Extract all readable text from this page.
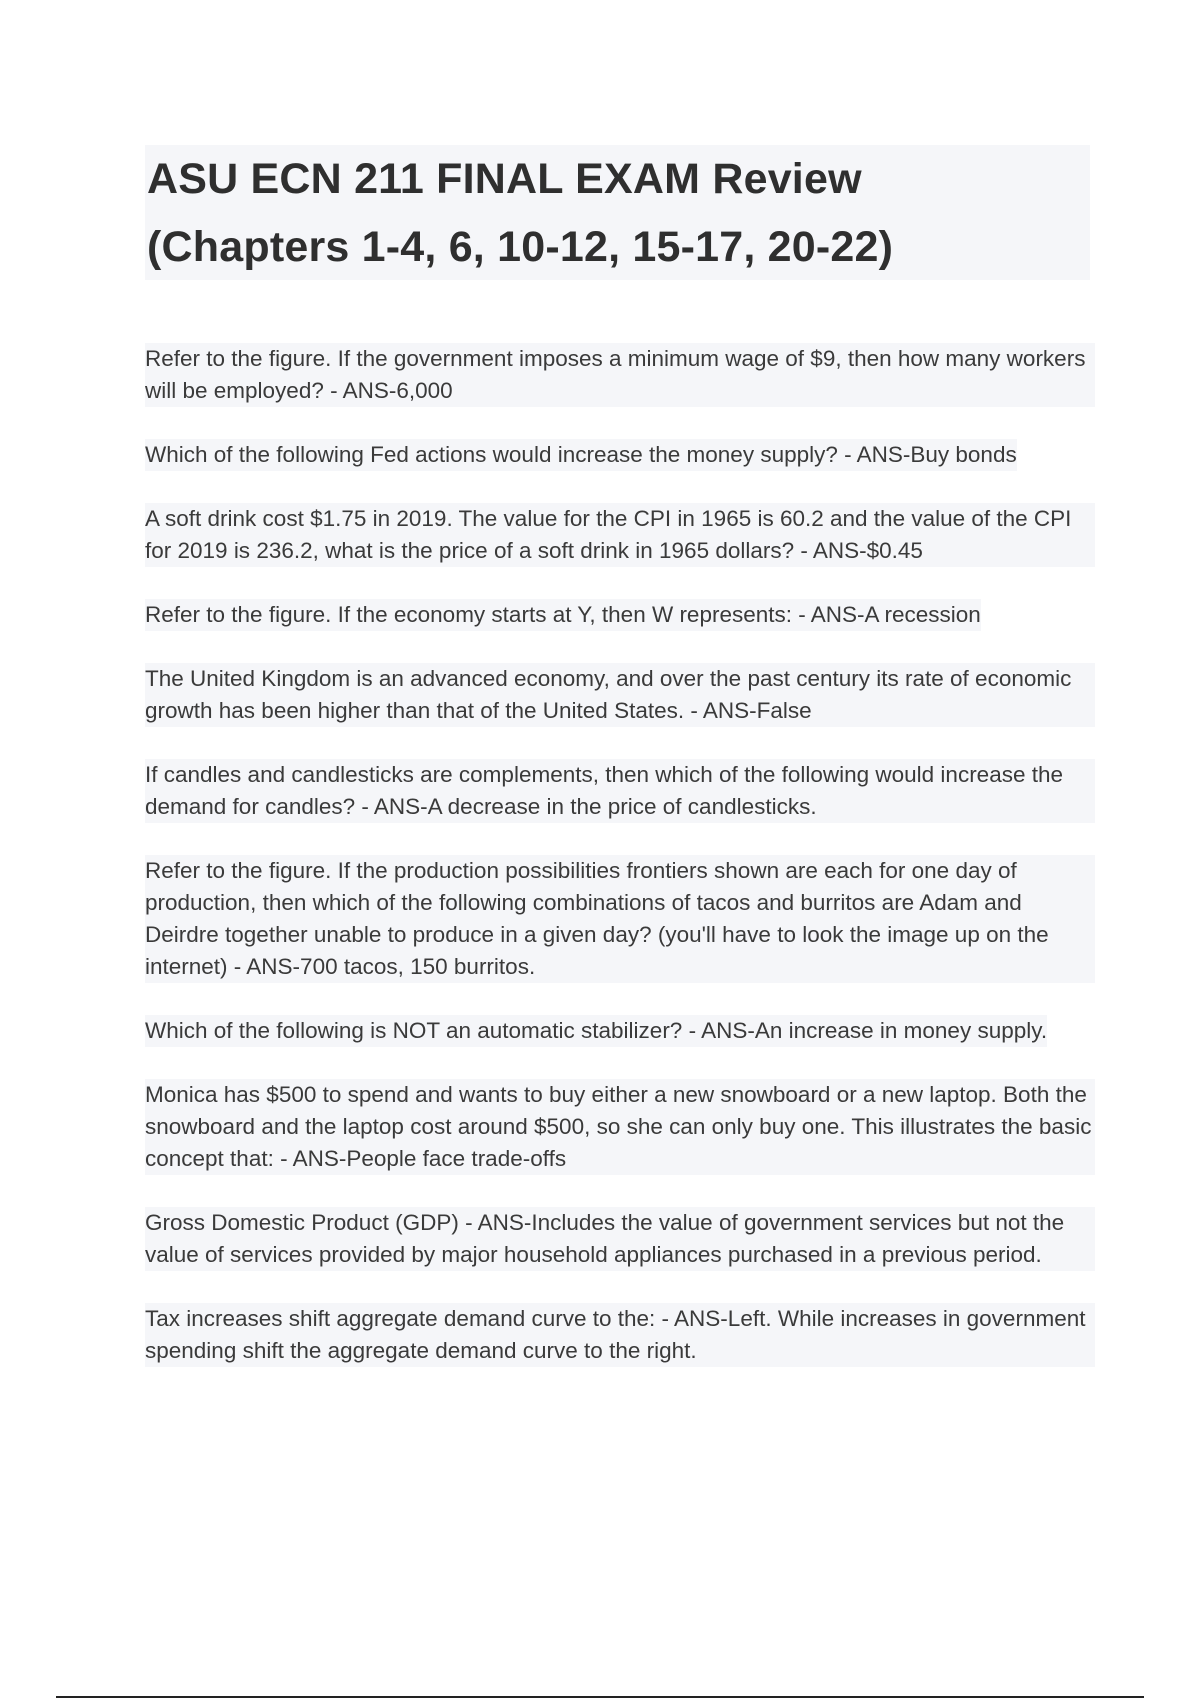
ASU ECN 211 FINAL EXAM Review
(Chapters 1-4, 6, 10-12, 15-17, 20-22)
Refer to the figure. If the government imposes a minimum wage of $9, then how many workers will be employed? - ANS-6,000
Which of the following Fed actions would increase the money supply? - ANS-Buy bonds
A soft drink cost $1.75 in 2019. The value for the CPI in 1965 is 60.2 and the value of the CPI for 2019 is 236.2, what is the price of a soft drink in 1965 dollars? - ANS-$0.45
Refer to the figure. If the economy starts at Y, then W represents: - ANS-A recession
The United Kingdom is an advanced economy, and over the past century its rate of economic growth has been higher than that of the United States. - ANS-False
If candles and candlesticks are complements, then which of the following would increase the demand for candles? - ANS-A decrease in the price of candlesticks.
Refer to the figure. If the production possibilities frontiers shown are each for one day of production, then which of the following combinations of tacos and burritos are Adam and Deirdre together unable to produce in a given day? (you'll have to look the image up on the internet) - ANS-700 tacos, 150 burritos.
Which of the following is NOT an automatic stabilizer? - ANS-An increase in money supply.
Monica has $500 to spend and wants to buy either a new snowboard or a new laptop. Both the snowboard and the laptop cost around $500, so she can only buy one. This illustrates the basic concept that: - ANS-People face trade-offs
Gross Domestic Product (GDP) - ANS-Includes the value of government services but not the value of services provided by major household appliances purchased in a previous period.
Tax increases shift aggregate demand curve to the: - ANS-Left. While increases in government spending shift the aggregate demand curve to the right.
